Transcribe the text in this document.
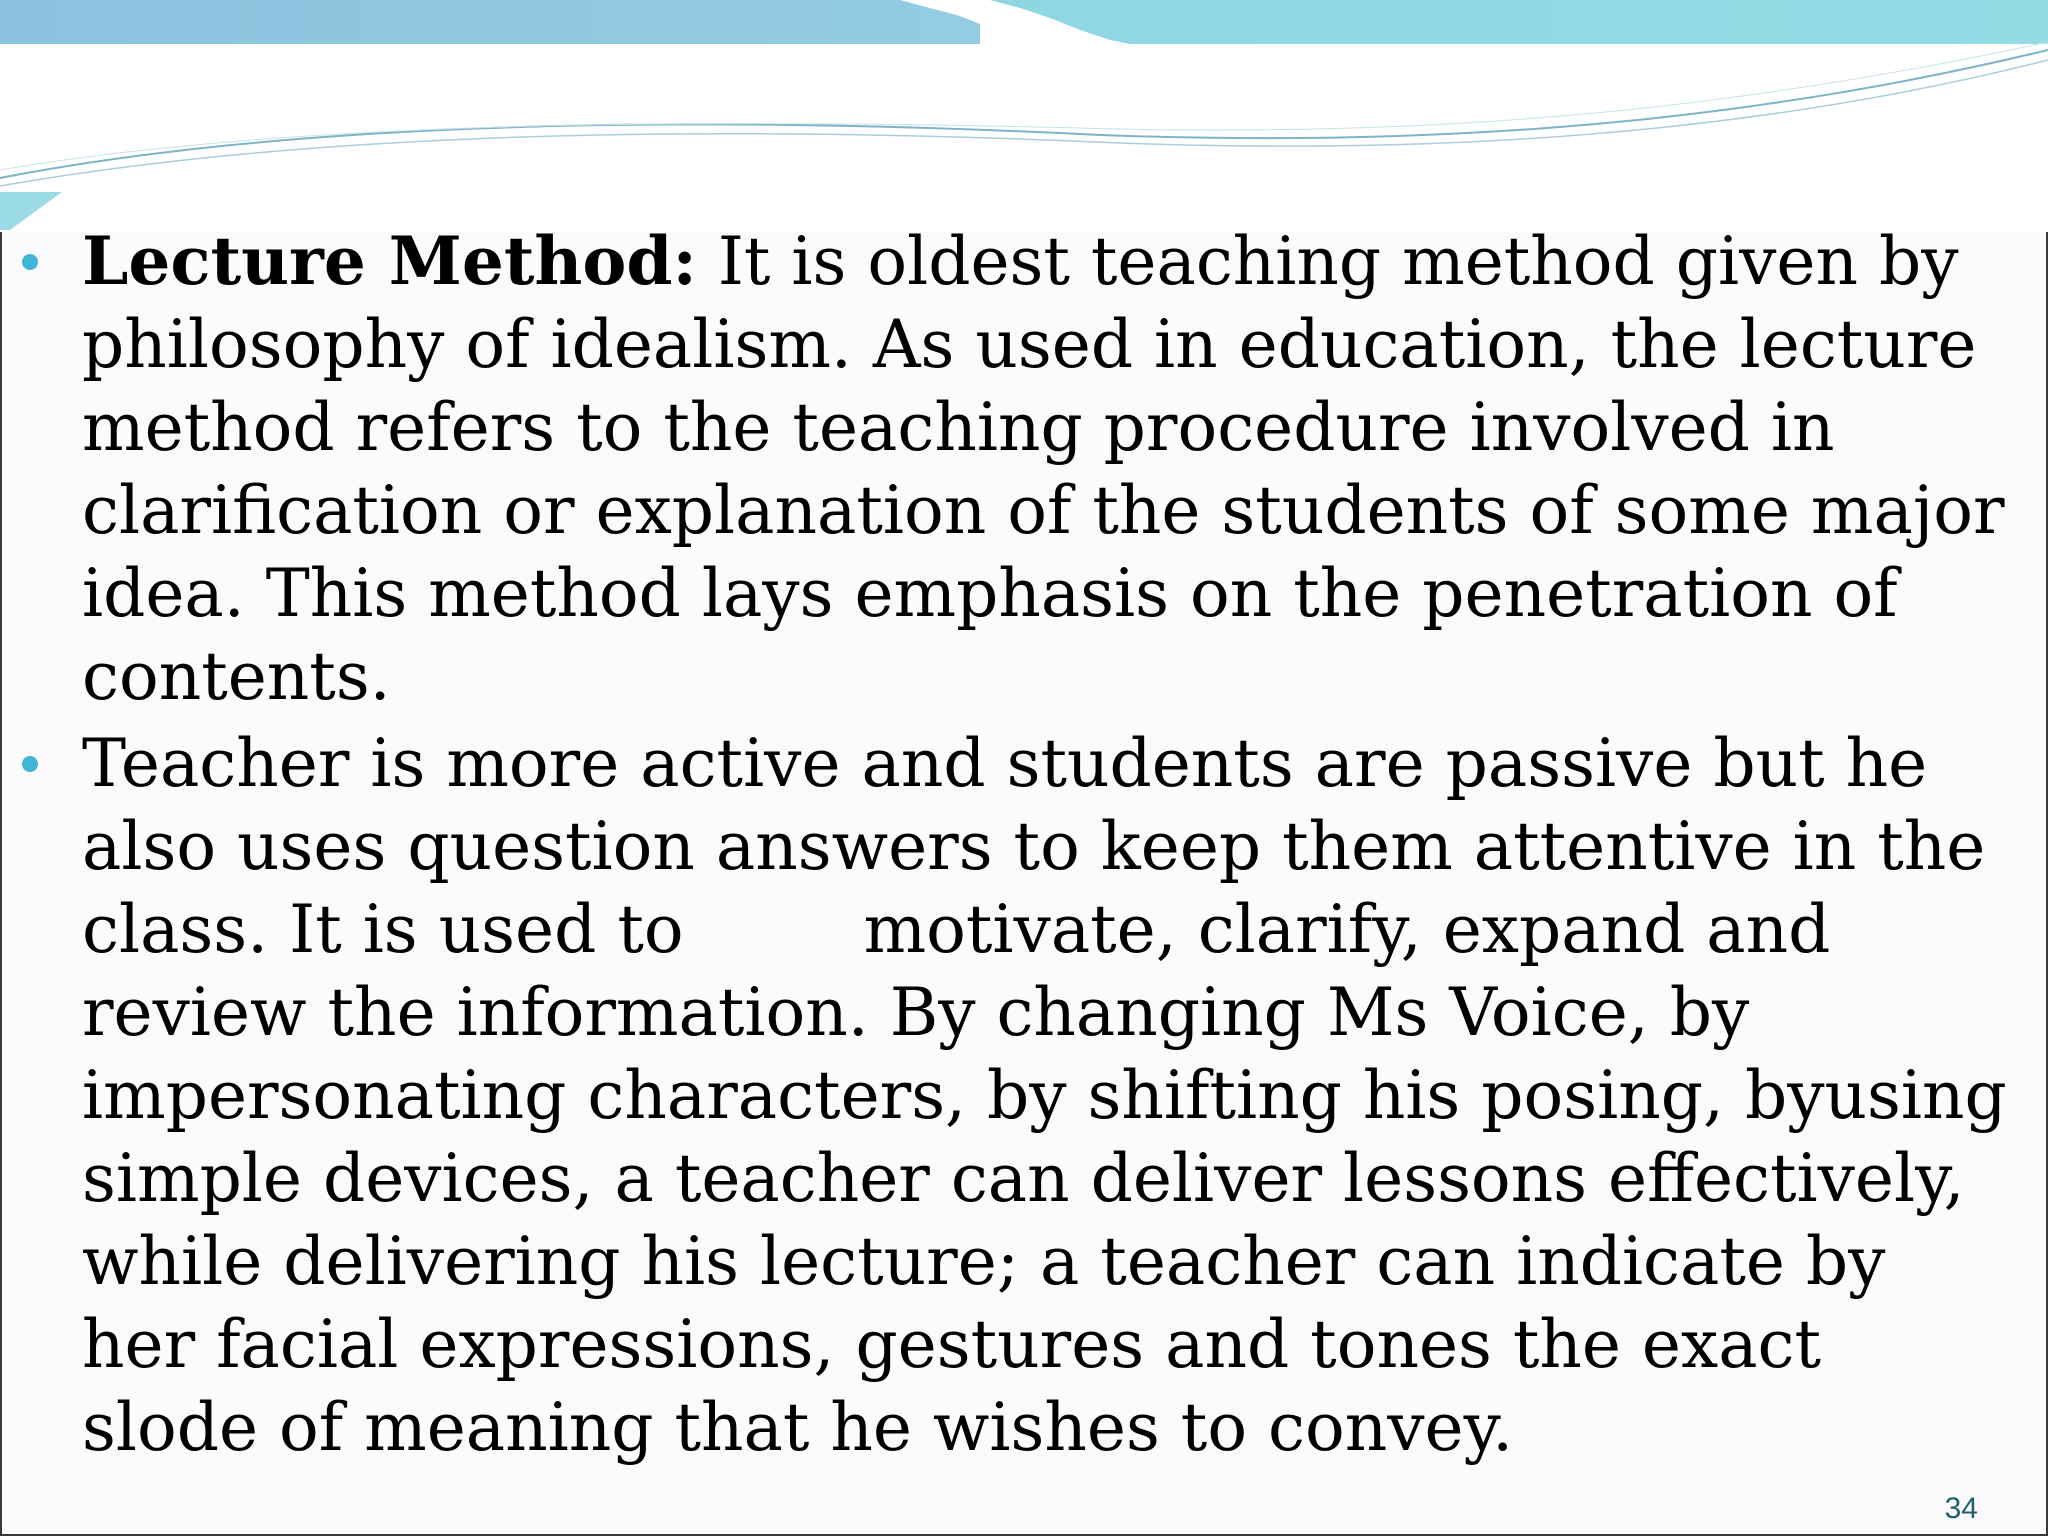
Lecture Method: It is oldest teaching method given by philosophy of idealism. As used in education, the lecture method refers to the teaching procedure involved in clarification or explanation of the students of some major idea. This method lays emphasis on the penetration of contents.
Teacher is more active and students are passive but he also uses question answers to keep them attentive in the class. It is used to	motivate, clarify, expand and review the information. By changing Ms Voice, by impersonating characters, by shifting his posing, byusing simple devices, a teacher can deliver lessons effectively, while delivering his lecture; a teacher can indicate by her facial expressions, gestures and tones the exact slode of meaning that he wishes to convey.
34
